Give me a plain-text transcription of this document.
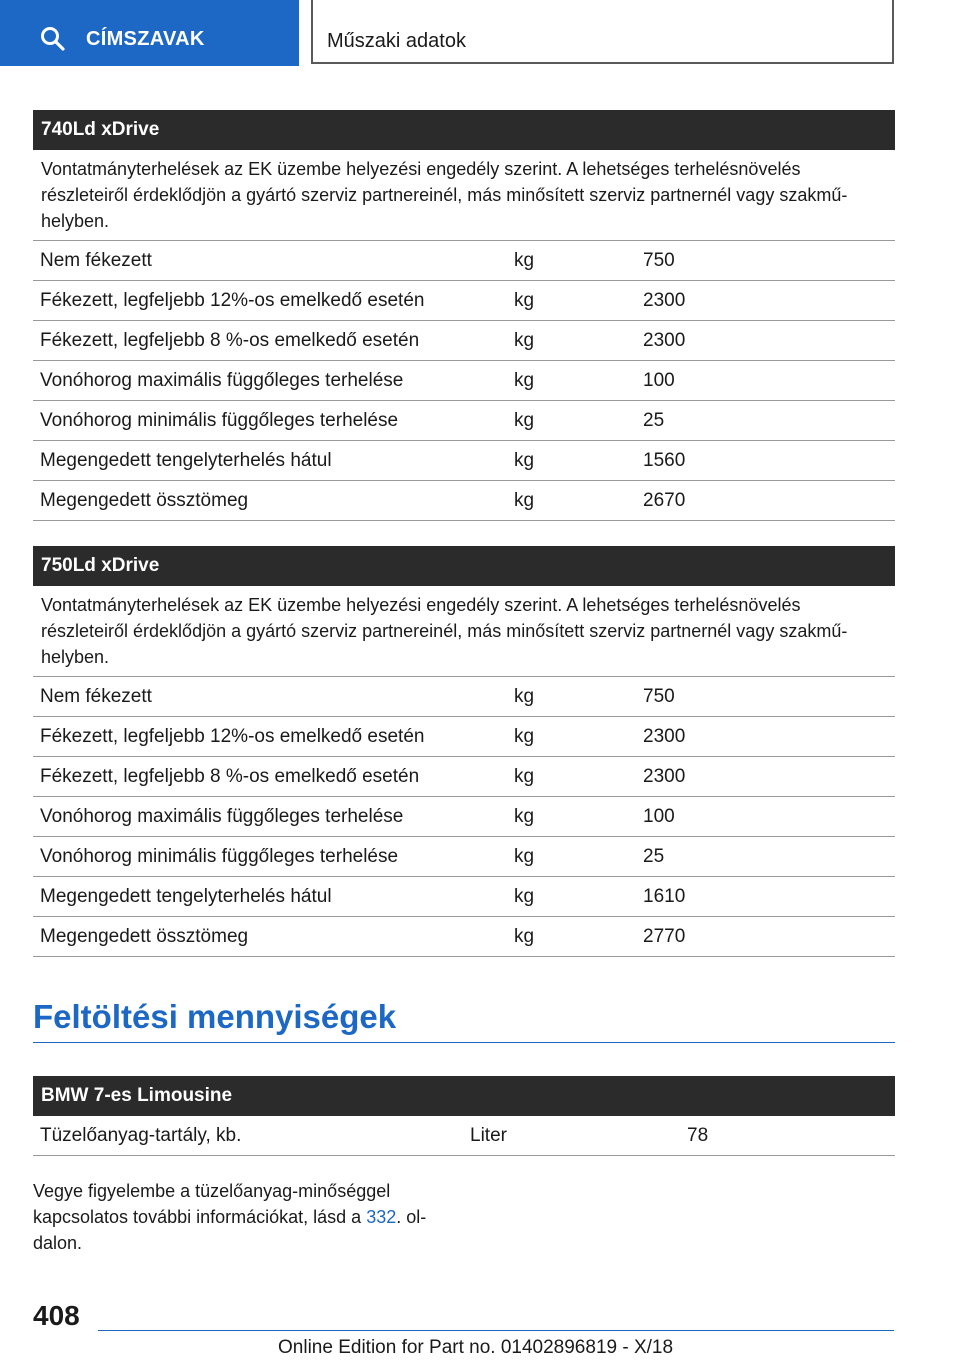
CÍMSZAVAK	Műszaki adatok
740Ld xDrive
Vontatmányterhelések az EK üzembe helyezési engedély szerint. A lehetséges terhelésnövelés részleteiről érdeklődjön a gyártó szerviz partnereinél, más minősített szerviz partnernél vagy szakmű-helyben.
Nem fékezett	kg	750
Fékezett, legfeljebb 12%-os emelkedő esetén	kg	2300
Fékezett, legfeljebb 8 %-os emelkedő esetén	kg	2300
Vonóhorog maximális függőleges terhelése	kg	100
Vonóhorog minimális függőleges terhelése	kg	25
Megengedett tengelyterhelés hátul	kg	1560
Megengedett össztömeg	kg	2670
750Ld xDrive
Vontatmányterhelések az EK üzembe helyezési engedély szerint. A lehetséges terhelésnövelés részleteiről érdeklődjön a gyártó szerviz partnereinél, más minősített szerviz partnernél vagy szakmű-helyben.
Nem fékezett	kg	750
Fékezett, legfeljebb 12%-os emelkedő esetén	kg	2300
Fékezett, legfeljebb 8 %-os emelkedő esetén	kg	2300
Vonóhorog maximális függőleges terhelése	kg	100
Vonóhorog minimális függőleges terhelése	kg	25
Megengedett tengelyterhelés hátul	kg	1610
Megengedett össztömeg	kg	2770
Feltöltési mennyiségek
BMW 7-es Limousine
Tüzelőanyag-tartály, kb.	Liter	78
Vegye figyelembe a tüzelőanyag-minőséggel kapcsolatos további információkat, lásd a 332. ol-dalon.
408
Online Edition for Part no. 01402896819 - X/18
